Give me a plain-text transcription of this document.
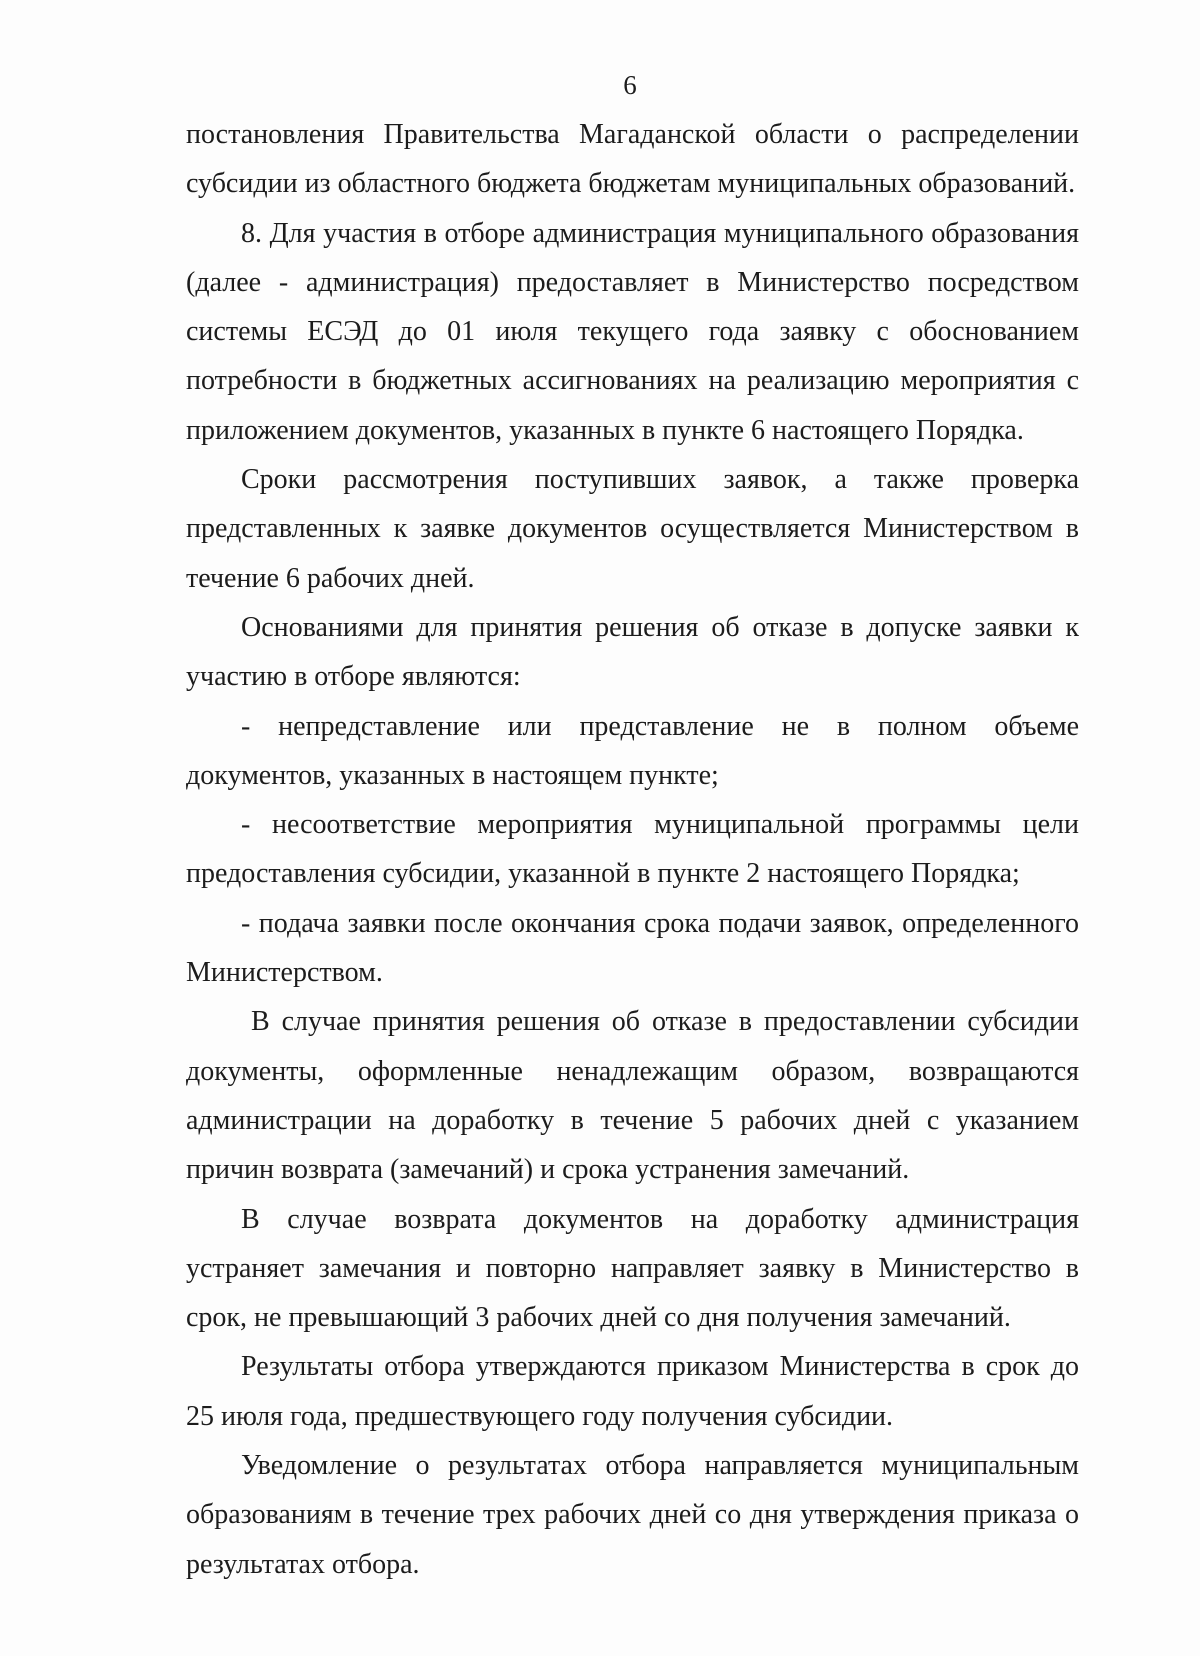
6

постановления Правительства Магаданской области о распределении субсидии из областного бюджета бюджетам муниципальных образований.

8. Для участия в отборе администрация муниципального образования (далее - администрация) предоставляет в Министерство посредством системы ЕСЭД до 01 июля текущего года заявку с обоснованием потребности в бюджетных ассигнованиях на реализацию мероприятия с приложением документов, указанных в пункте 6 настоящего Порядка.

Сроки рассмотрения поступивших заявок, а также проверка представленных к заявке документов осуществляется Министерством в течение 6 рабочих дней.

Основаниями для принятия решения об отказе в допуске заявки к участию в отборе являются:

- непредставление или представление не в полном объеме документов, указанных в настоящем пункте;

- несоответствие мероприятия муниципальной программы цели предоставления субсидии, указанной в пункте 2 настоящего Порядка;

- подача заявки после окончания срока подачи заявок, определенного Министерством.

В случае принятия решения об отказе в предоставлении субсидии документы, оформленные ненадлежащим образом, возвращаются администрации на доработку в течение 5 рабочих дней с указанием причин возврата (замечаний) и срока устранения замечаний.

В случае возврата документов на доработку администрация устраняет замечания и повторно направляет заявку в Министерство в срок, не превышающий 3 рабочих дней со дня получения замечаний.

Результаты отбора утверждаются приказом Министерства в срок до 25 июля года, предшествующего году получения субсидии.

Уведомление о результатах отбора направляется муниципальным образованиям в течение трех рабочих дней со дня утверждения приказа о результатах отбора.
